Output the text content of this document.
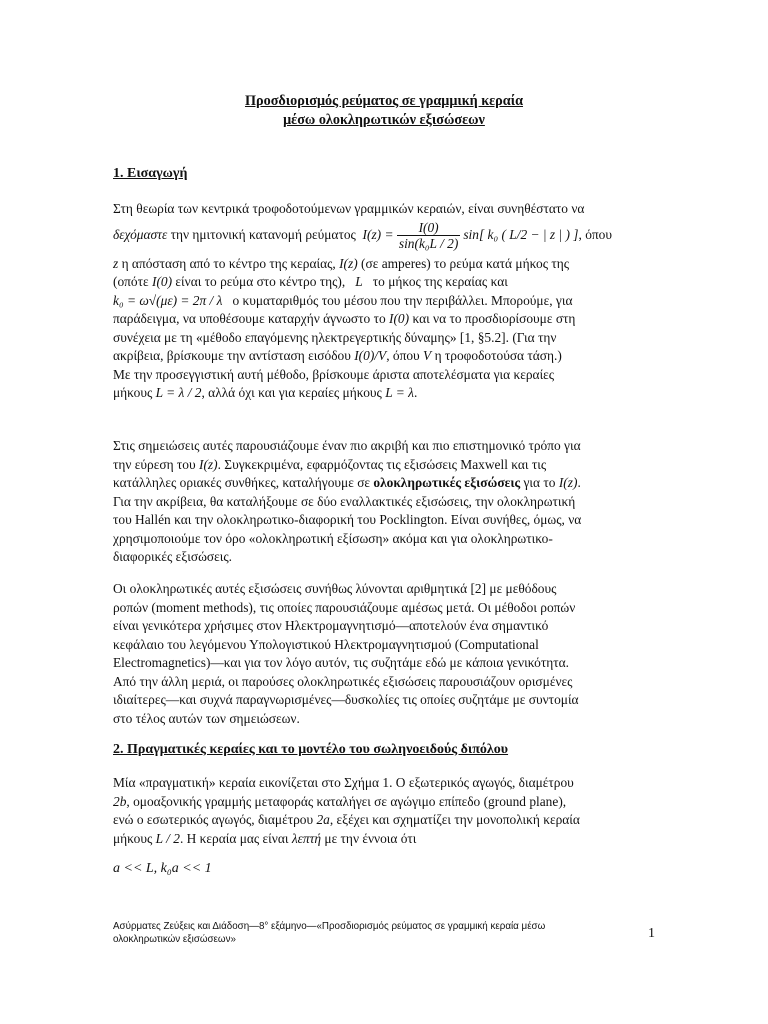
Προσδιορισμός ρεύματος σε γραμμική κεραία
μέσω ολοκληρωτικών εξισώσεων
1. Εισαγωγή

Στη θεωρία των κεντρικά τροφοδοτούμενων γραμμικών κεραιών, είναι συνηθέστατο να

δεχόμαστε
την ημιτονική κατανομή ρεύματος
I(z) =
$\frac{I(0)}{\text{sin(k₀L / 2)}} \sin$[ k₀ ( L/2 − | z | ) ] , όπου

z η απόσταση από το κέντρο της κεραίας, I(z) (σε amperes) το ρεύμα κατά μήκος της

(οπότε I(0) είναι το ρεύμα στο κέντρο της), L το μήκος της κεραίας και

k₀ = ω√(με) = 2π / λ ο κυματαριθμός του μέσου που την περιβάλλει. Μπορούμε, για

παράδειγμα, να υποθέσουμε καταρχήν άγνωστο το I(0) και να το προσδιορίσουμε στη

συνέχεια με τη «μέθοδο επαγόμενης ηλεκτρεγερτικής δύναμης» [1, §5.2]. (Για την

ακρίβεια, βρίσκουμε την αντίσταση εισόδου I(0)/V, όπου V η τροφοδοτούσα τάση.)

Με την προσεγγιστική αυτή μέθοδο, βρίσκουμε άριστα αποτελέσματα για κεραίες

μήκους L = λ / 2, αλλά όχι και για κεραίες μήκους L = λ.

Στις σημειώσεις αυτές παρουσιάζουμε έναν πιο ακριβή και πιο επιστημονικό τρόπο για

την εύρεση του I(z). Συγκεκριμένα, εφαρμόζοντας τις εξισώσεις Maxwell και τις

κατάλληλες οριακές συνθήκες, καταλήγουμε σε ολοκληρωτικές εξισώσεις για το I(z).

Για την ακρίβεια, θα καταλήξουμε σε δύο εναλλακτικές εξισώσεις, την ολοκληρωτική

του Hallén και την ολοκληρωτικο-διαφορική του Pocklington. Είναι συνήθες, όμως, να

χρησιμοποιούμε τον όρο «ολοκληρωτική εξίσωση» ακόμα και για ολοκληρωτικο-

διαφορικές εξισώσεις.

Οι ολοκληρωτικές αυτές εξισώσεις συνήθως λύνονται αριθμητικά [2] με μεθόδους

ροπών (moment methods), τις οποίες παρουσιάζουμε αμέσως μετά. Οι μέθοδοι ροπών

είναι γενικότερα χρήσιμες στον Ηλεκτρομαγνητισμό—αποτελούν ένα σημαντικό

κεφάλαιο του λεγόμενου Υπολογιστικού Ηλεκτρομαγνητισμού (Computational

Electromagnetics)—και για τον λόγο αυτόν, τις συζητάμε εδώ με κάποια γενικότητα.

Από την άλλη μεριά, οι παρούσες ολοκληρωτικές εξισώσεις παρουσιάζουν ορισμένες

ιδιαίτερες—και συχνά παραγνωρισμένες—δυσκολίες τις οποίες συζητάμε με συντομία

στο τέλος αυτών των σημειώσεων.

2. Πραγματικές κεραίες και το μοντέλο του σωληνοειδούς διπόλου

Μία «πραγματική» κεραία εικονίζεται στο Σχήμα 1. Ο εξωτερικός αγωγός, διαμέτρου

2b, ομοαξονικής γραμμής μεταφοράς καταλήγει σε αγώγιμο επίπεδο (ground plane),

ενώ ο εσωτερικός αγωγός, διαμέτρου 2a, εξέχει και σχηματίζει την μονοπολική κεραία

μήκους L / 2. Η κεραία μας είναι λεπτή με την έννοια ότι

a << L, k₀a << 1
Ασύρματες Ζεύξεις και Διάδοση—8° εξάμηνο—«Προσδιορισμός ρεύματος σε γραμμική κεραία μέσω ολοκληρωτικών εξισώσεων»	1
